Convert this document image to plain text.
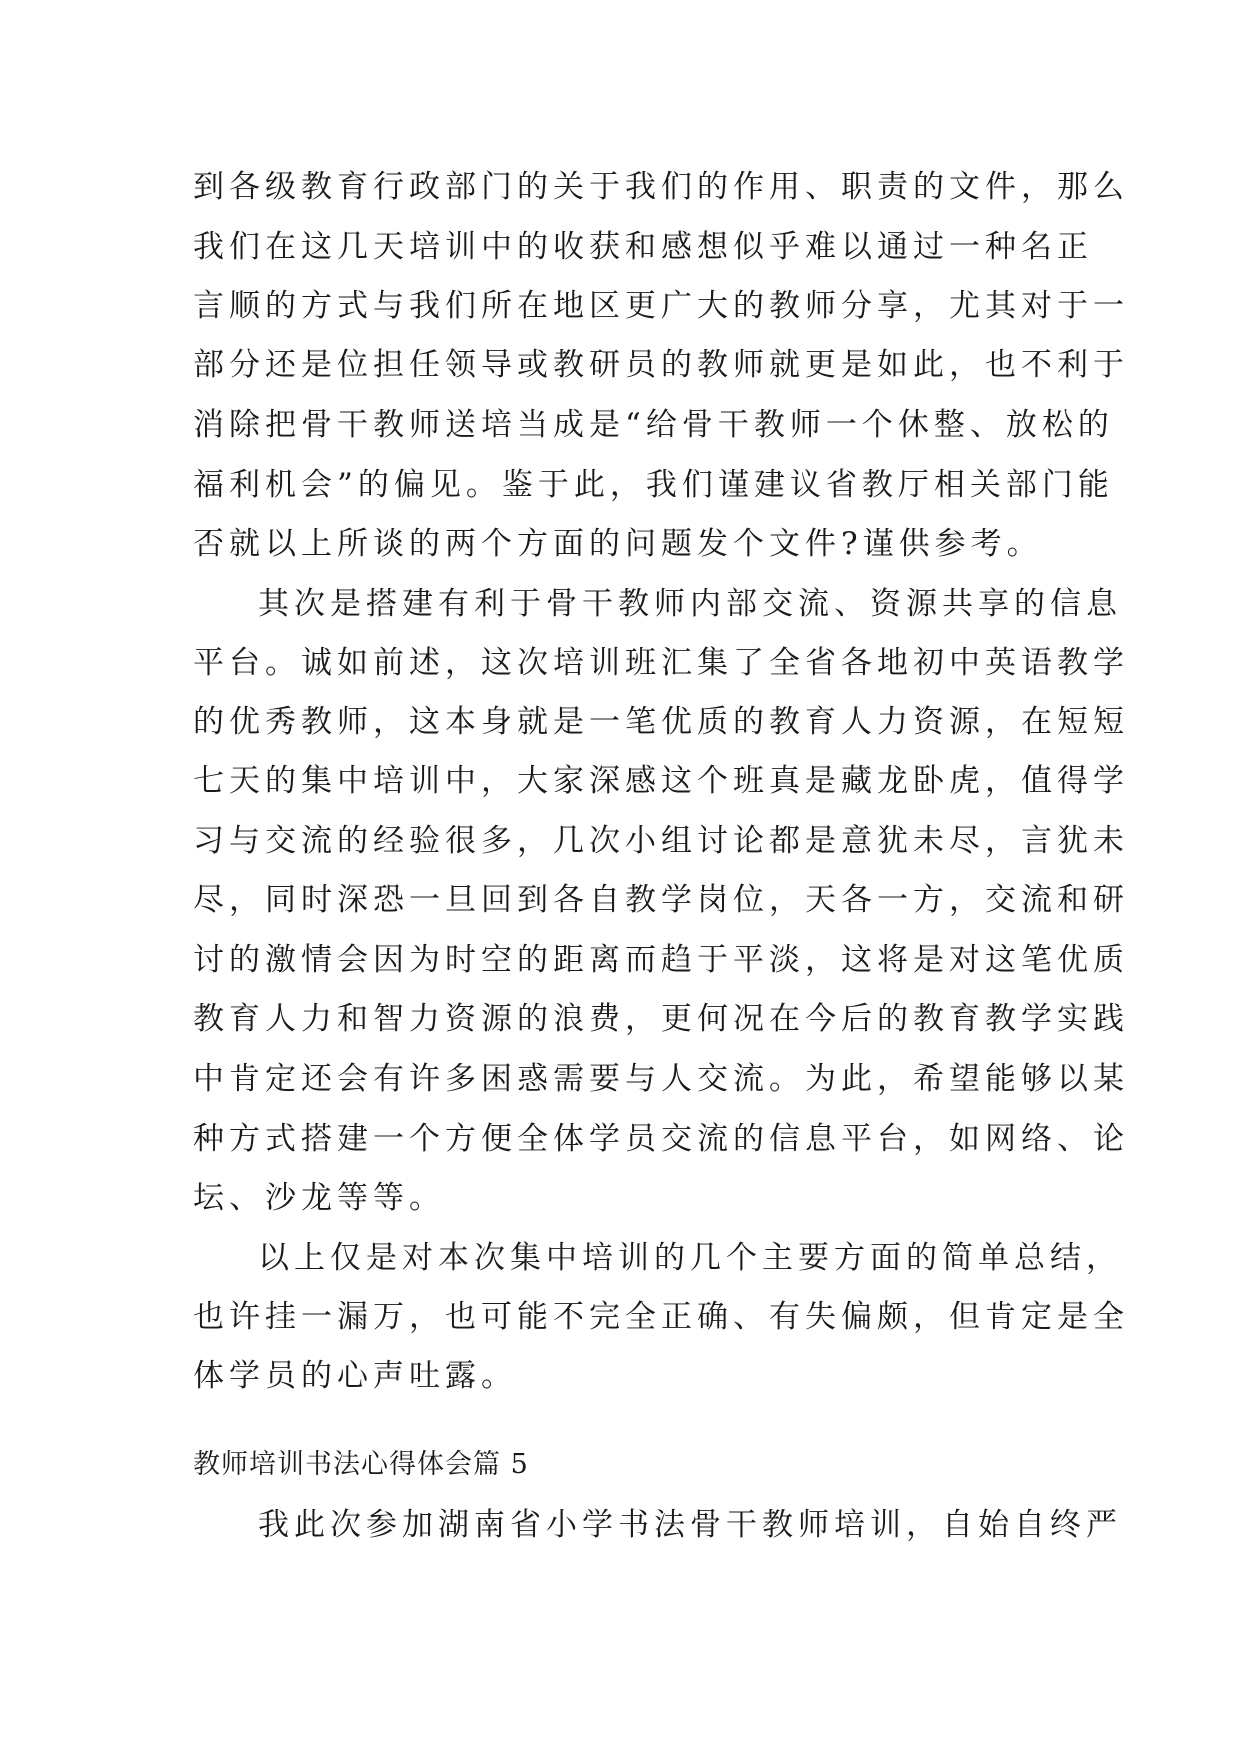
到各级教育行政部门的关于我们的作用、职责的文件，那么
我们在这几天培训中的收获和感想似乎难以通过一种名正
言顺的方式与我们所在地区更广大的教师分享，尤其对于一
部分还是位担任领导或教研员的教师就更是如此，也不利于
消除把骨干教师送培当成是“给骨干教师一个休整、放松的
福利机会”的偏见。鉴于此，我们谨建议省教厅相关部门能
否就以上所谈的两个方面的问题发个文件?谨供参考。
其次是搭建有利于骨干教师内部交流、资源共享的信息
平台。诚如前述，这次培训班汇集了全省各地初中英语教学
的优秀教师，这本身就是一笔优质的教育人力资源，在短短
七天的集中培训中，大家深感这个班真是藏龙卧虎，值得学
习与交流的经验很多，几次小组讨论都是意犹未尽，言犹未
尽，同时深恐一旦回到各自教学岗位，天各一方，交流和研
讨的激情会因为时空的距离而趋于平淡，这将是对这笔优质
教育人力和智力资源的浪费，更何况在今后的教育教学实践
中肯定还会有许多困惑需要与人交流。为此，希望能够以某
种方式搭建一个方便全体学员交流的信息平台，如网络、论
坛、沙龙等等。
以上仅是对本次集中培训的几个主要方面的简单总结，
也许挂一漏万，也可能不完全正确、有失偏颇，但肯定是全
体学员的心声吐露。
教师培训书法心得体会篇 5
我此次参加湖南省小学书法骨干教师培训，自始自终严
